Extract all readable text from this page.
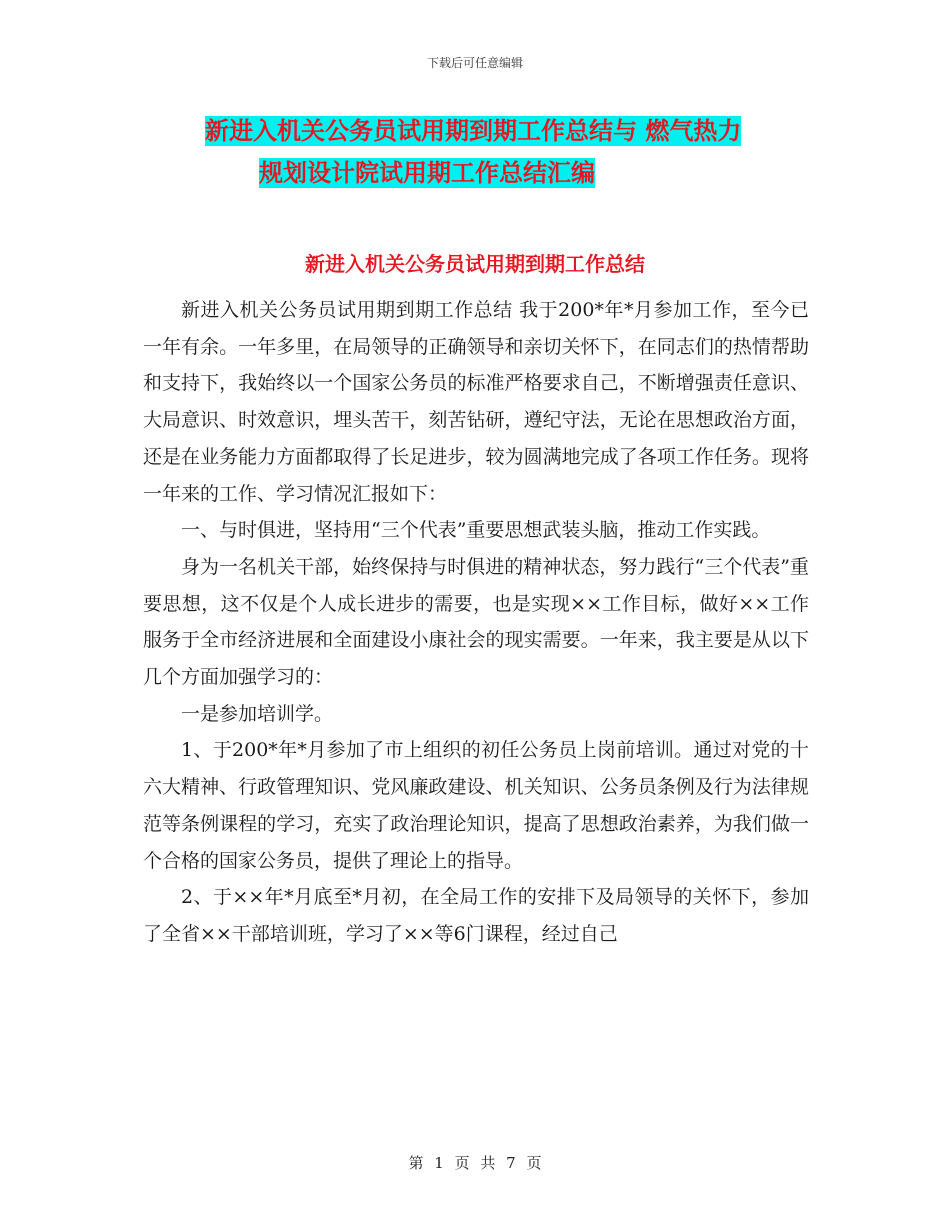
下载后可任意编辑
新进入机关公务员试用期到期工作总结与 燃气热力
规划设计院试用期工作总结汇编
新进入机关公务员试用期到期工作总结

新进入机关公务员试用期到期工作总结 我于200*年*月参加工作，至今已一年有余。一年多里，在局领导的正确领导和亲切关怀下，在同志们的热情帮助和支持下，我始终以一个国家公务员的标准严格要求自己，不断增强责任意识、大局意识、时效意识，埋头苦干，刻苦钻研，遵纪守法，无论在思想政治方面，还是在业务能力方面都取得了长足进步，较为圆满地完成了各项工作任务。现将一年来的工作、学习情况汇报如下：

一、与时俱进，坚持用“三个代表”重要思想武装头脑，推动工作实践。

身为一名机关干部，始终保持与时俱进的精神状态，努力践行“三个代表”重要思想，这不仅是个人成长进步的需要，也是实现××工作目标，做好××工作服务于全市经济进展和全面建设小康社会的现实需要。一年来，我主要是从以下几个方面加强学习的：

一是参加培训学。

1、于200*年*月参加了市上组织的初任公务员上岗前培训。通过对党的十六大精神、行政管理知识、党风廉政建设、机关知识、公务员条例及行为法律规范等条例课程的学习，充实了政治理论知识，提高了思想政治素养，为我们做一个合格的国家公务员，提供了理论上的指导。

2、于××年*月底至*月初，在全局工作的安排下及局领导的关怀下，参加了全省××干部培训班，学习了××等6门课程，经过自己

第 1 页 共 7 页
